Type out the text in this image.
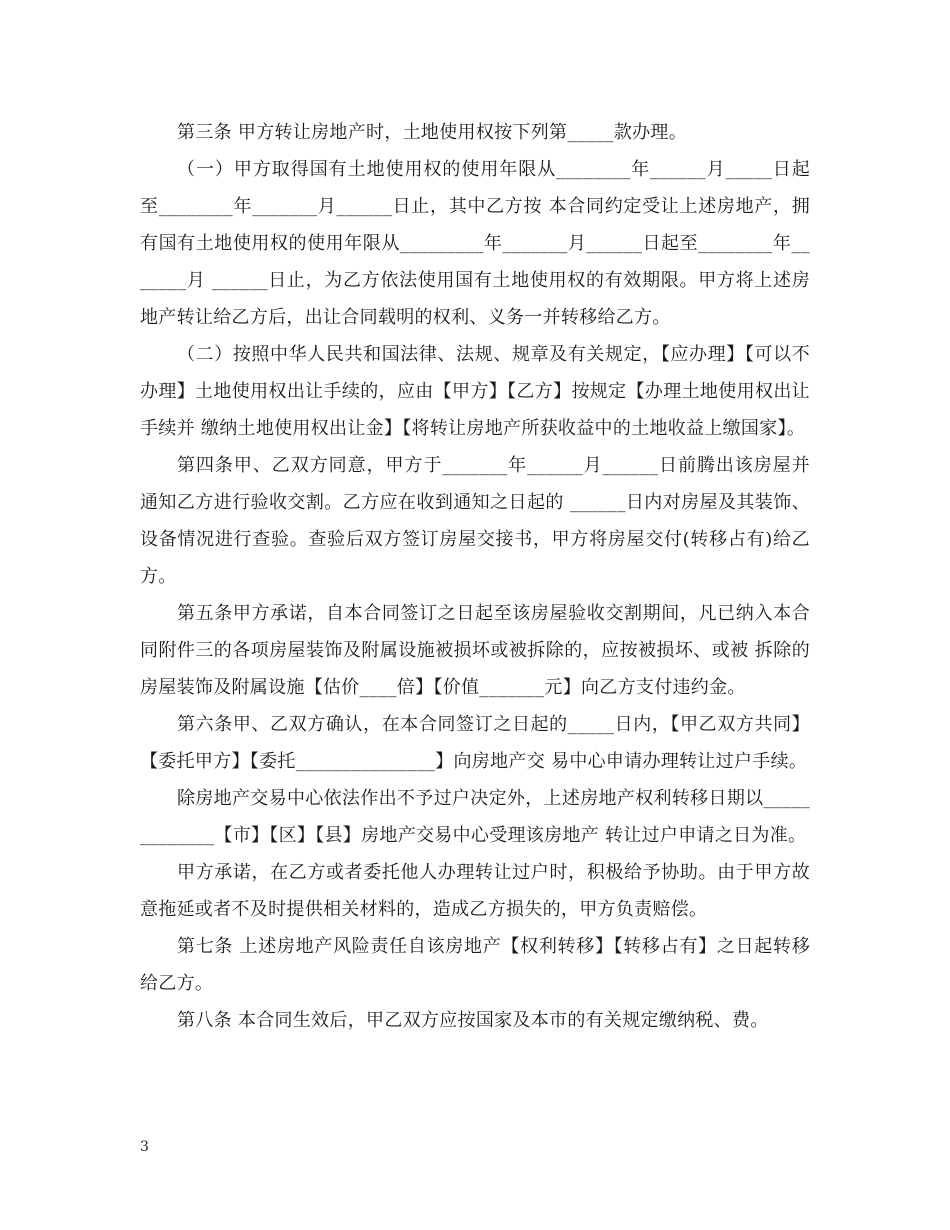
第三条 甲方转让房地产时，土地使用权按下列第_____款办理。

（一）甲方取得国有土地使用权的使用年限从________年______月_____日起至________年_______月______日止，其中乙方按 本合同约定受让上述房地产，拥有国有土地使用权的使用年限从_________年_______月______日起至________年_______月 ______日止，为乙方依法使用国有土地使用权的有效期限。甲方将上述房地产转让给乙方后，出让合同载明的权利、义务一并转移给乙方。

（二）按照中华人民共和国法律、法规、规章及有关规定，【应办理】【可以不办理】土地使用权出让手续的，应由【甲方】【乙方】按规定【办理土地使用权出让手续并 缴纳土地使用权出让金】【将转让房地产所获收益中的土地收益上缴国家】。

第四条甲、乙双方同意，甲方于_______年______月______日前腾出该房屋并通知乙方进行验收交割。乙方应在收到通知之日起的 ______日内对房屋及其装饰、设备情况进行查验。查验后双方签订房屋交接书，甲方将房屋交付(转移占有)给乙方。

第五条甲方承诺，自本合同签订之日起至该房屋验收交割期间，凡已纳入本合同附件三的各项房屋装饰及附属设施被损坏或被拆除的，应按被损坏、或被 拆除的房屋装饰及附属设施【估价____倍】【价值_______元】向乙方支付违约金。

第六条甲、乙双方确认，在本合同签订之日起的_____日内，【甲乙双方共同】【委托甲方】【委托_______________】向房地产交 易中心申请办理转让过户手续。

除房地产交易中心依法作出不予过户决定外，上述房地产权利转移日期以_____________【市】【区】【县】房地产交易中心受理该房地产 转让过户申请之日为准。

甲方承诺，在乙方或者委托他人办理转让过户时，积极给予协助。由于甲方故意拖延或者不及时提供相关材料的，造成乙方损失的，甲方负责赔偿。

第七条 上述房地产风险责任自该房地产【权利转移】【转移占有】之日起转移给乙方。

第八条 本合同生效后，甲乙双方应按国家及本市的有关规定缴纳税、费。

3
